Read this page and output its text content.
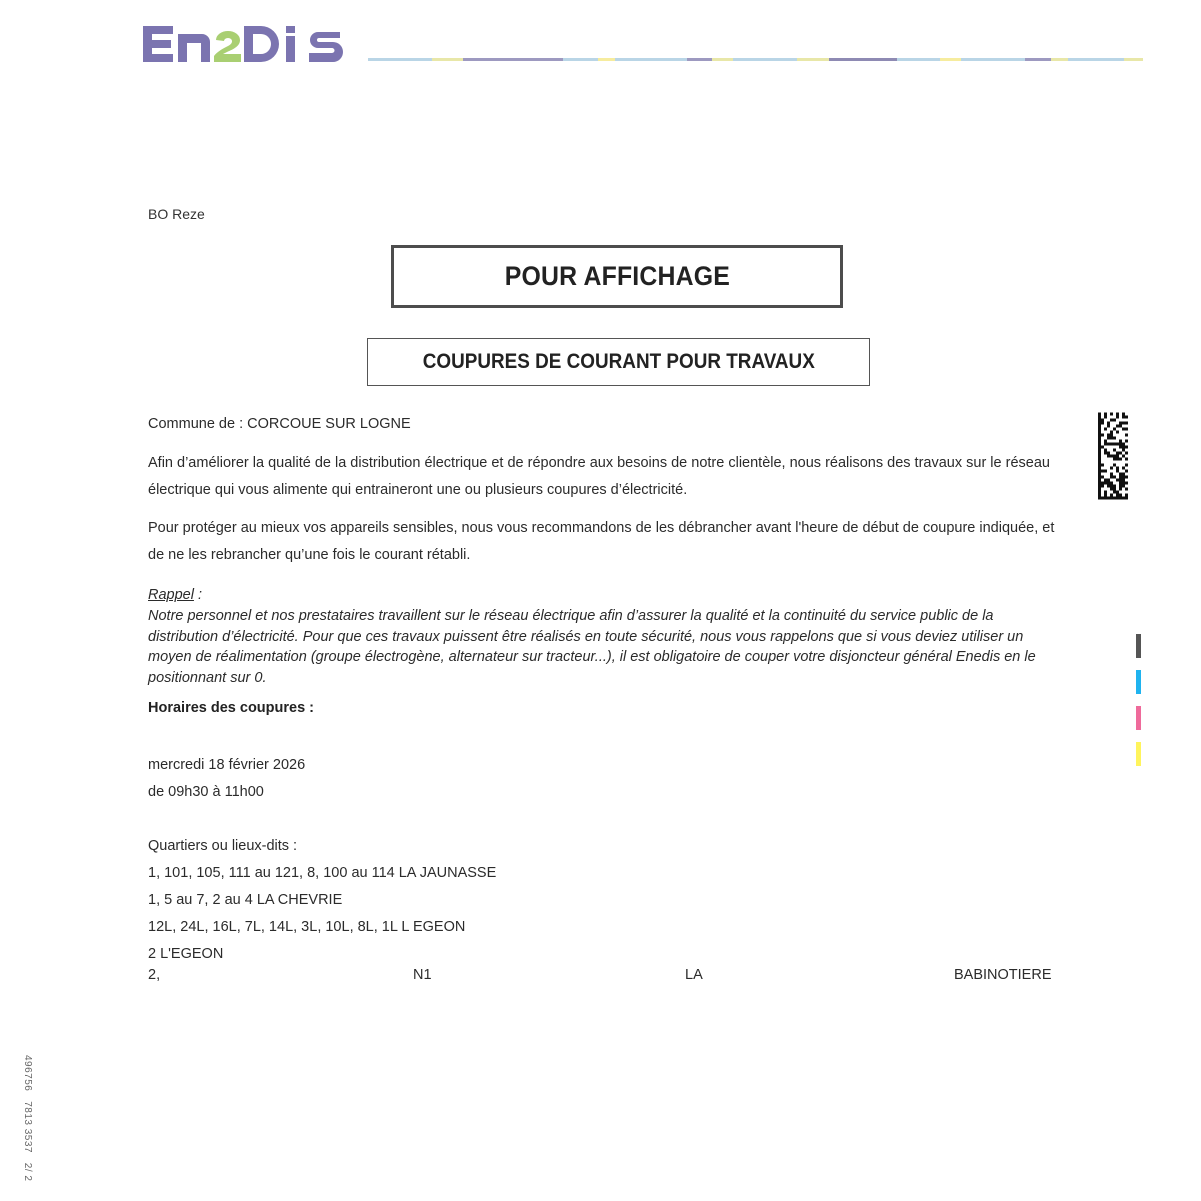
BO Reze
POUR AFFICHAGE
COUPURES DE COURANT POUR TRAVAUX
Commune de : CORCOUE SUR LOGNE
Afin d’améliorer la qualité de la distribution électrique et de répondre aux besoins de notre clientèle, nous réalisons des travaux sur le réseau électrique qui vous alimente qui entraineront une ou plusieurs coupures d’électricité.
Pour protéger au mieux vos appareils sensibles, nous vous recommandons de les débrancher avant l'heure de début de coupure indiquée, et de ne les rebrancher qu’une fois le courant rétabli.
Rappel :
Notre personnel et nos prestataires travaillent sur le réseau électrique afin d’assurer la qualité et la continuité du service public de la distribution d’électricité. Pour que ces travaux puissent être réalisés en toute sécurité, nous vous rappelons que si vous deviez utiliser un moyen de réalimentation (groupe électrogène, alternateur sur tracteur...), il est obligatoire de couper votre disjoncteur général Enedis en le positionnant sur 0.
Horaires des coupures :
mercredi 18 février 2026
de 09h30 à 11h00
Quartiers ou lieux-dits :
1, 101, 105, 111 au 121, 8, 100 au 114 LA JAUNASSE
1, 5 au 7, 2 au 4 LA CHEVRIE
12L, 24L, 16L, 7L, 14L, 3L, 10L, 8L, 1L L EGEON
2 L'EGEON
2,	N1	LA	BABINOTIERE
496756   7813 3537   2/ 2
